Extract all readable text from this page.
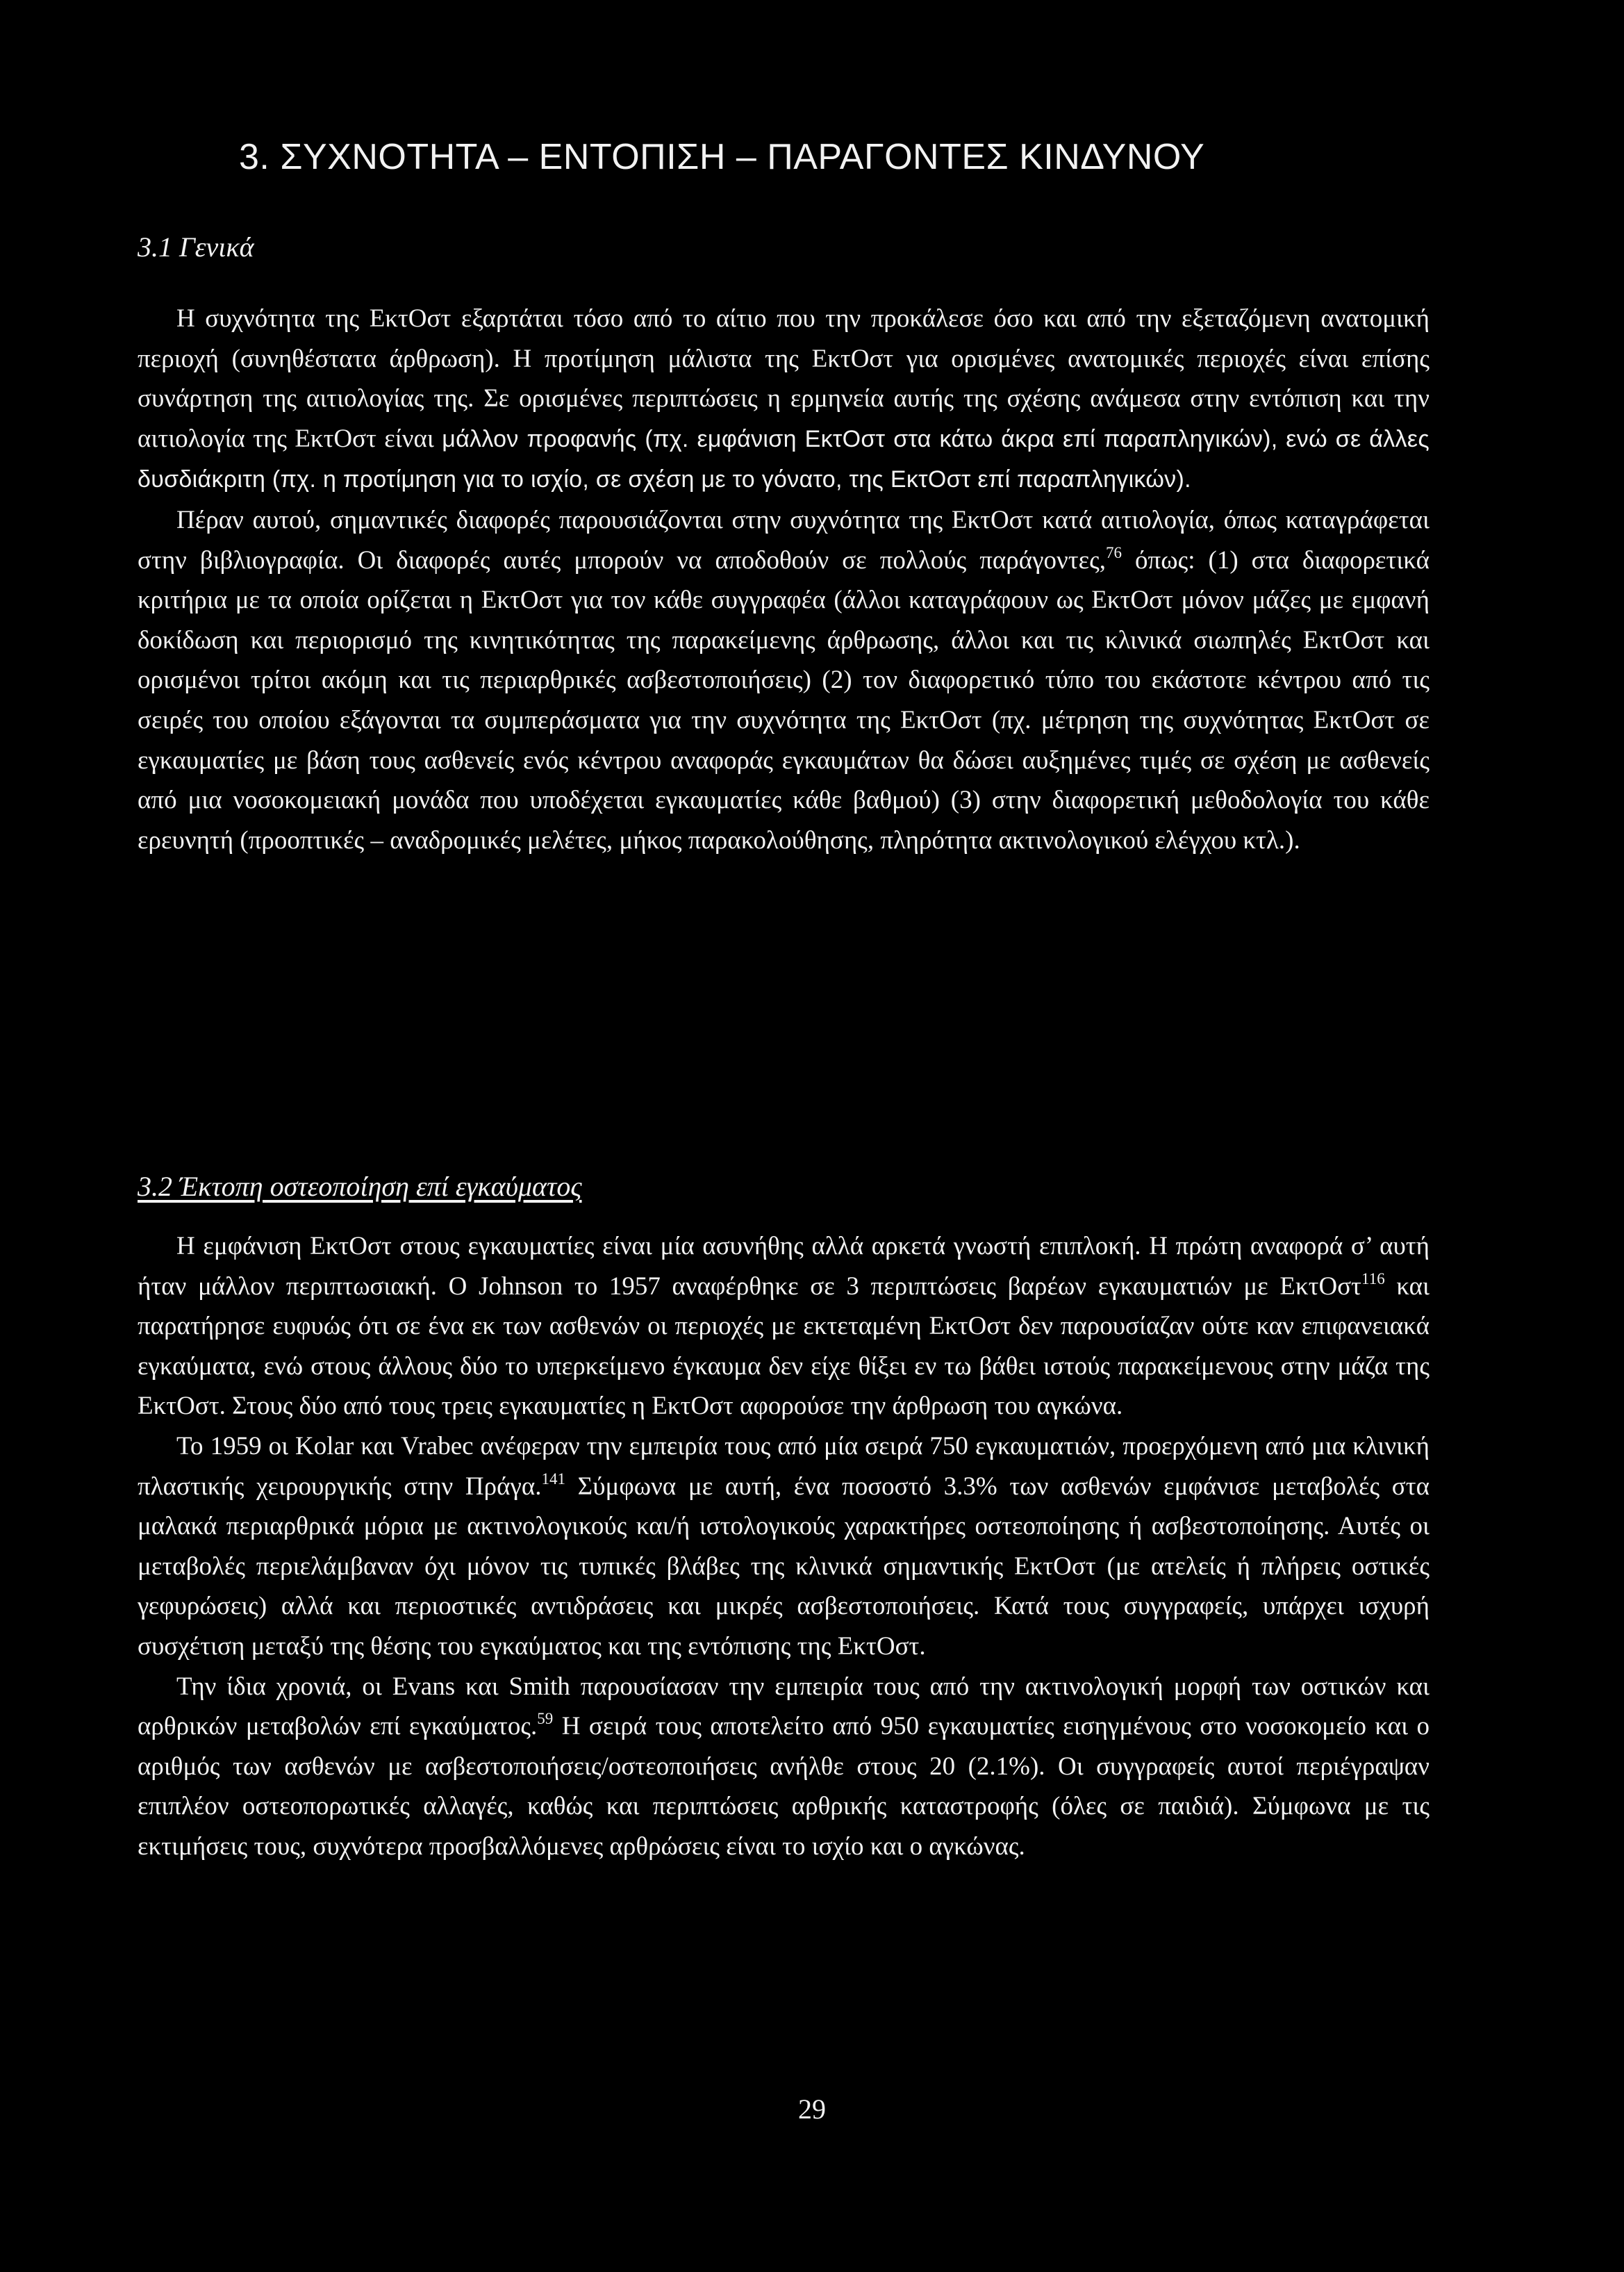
3. ΣΥΧΝΟΤΗΤΑ – ΕΝΤΟΠΙΣΗ – ΠΑΡΑΓΟΝΤΕΣ ΚΙΝΔΥΝΟΥ
3.1 Γενικά

Η συχνότητα της ΕκτΟστ εξαρτάται τόσο από το αίτιο που την προκάλεσε όσο και από την εξεταζόμενη ανατομική περιοχή (συνηθέστατα άρθρωση). Η προτίμηση μάλιστα της ΕκτΟστ για ορισμένες ανατομικές περιοχές είναι επίσης συνάρτηση της αιτιολογίας της. Σε ορισμένες περιπτώσεις η ερμηνεία αυτής της σχέσης ανάμεσα στην εντόπιση και την αιτιολογία της ΕκτΟστ είναι μάλλον προφανής (πχ. εμφάνιση ΕκτΟστ στα κάτω άκρα επί παραπληγικών), ενώ σε άλλες δυσδιάκριτη (πχ. η προτίμηση για το ισχίο, σε σχέση με το γόνατο, της ΕκτΟστ επί παραπληγικών).

Πέραν αυτού, σημαντικές διαφορές παρουσιάζονται στην συχνότητα της ΕκτΟστ κατά αιτιολογία, όπως καταγράφεται στην βιβλιογραφία. Οι διαφορές αυτές μπορούν να αποδοθούν σε πολλούς παράγοντες,$^{76}$ όπως: (1) στα διαφορετικά κριτήρια με τα οποία ορίζεται η ΕκτΟστ για τον κάθε συγγραφέα (άλλοι καταγράφουν ως ΕκτΟστ μόνον μάζες με εμφανή δοκίδωση και περιορισμό της κινητικότητας της παρακείμενης άρθρωσης, άλλοι και τις κλινικά σιωπηλές ΕκτΟστ και ορισμένοι τρίτοι ακόμη και τις περιαρθρικές ασβεστοποιήσεις) (2) τον διαφορετικό τύπο του εκάστοτε κέντρου από τις σειρές του οποίου εξάγονται τα συμπεράσματα για την συχνότητα της ΕκτΟστ (πχ. μέτρηση της συχνότητας ΕκτΟστ σε εγκαυματίες με βάση τους ασθενείς ενός κέντρου αναφοράς εγκαυμάτων θα δώσει αυξημένες τιμές σε σχέση με ασθενείς από μια νοσοκομειακή μονάδα που υποδέχεται εγκαυματίες κάθε βαθμού) (3) στην διαφορετική μεθοδολογία του κάθε ερευνητή (προοπτικές – αναδρομικές μελέτες, μήκος παρακολούθησης, πληρότητα ακτινολογικού ελέγχου κτλ.).

3.2 Έκτοπη οστεοποίηση επί εγκαύματος

Η εμφάνιση ΕκτΟστ στους εγκαυματίες είναι μία ασυνήθης αλλά αρκετά γνωστή επιπλοκή. Η πρώτη αναφορά σ’ αυτή ήταν μάλλον περιπτωσιακή. Ο Johnson το 1957 αναφέρθηκε σε 3 περιπτώσεις βαρέων εγκαυματιών με ΕκτΟστ$^{116}$ και παρατήρησε ευφυώς ότι σε ένα εκ των ασθενών οι περιοχές με εκτεταμένη ΕκτΟστ δεν παρουσίαζαν ούτε καν επιφανειακά εγκαύματα, ενώ στους άλλους δύο το υπερκείμενο έγκαυμα δεν είχε θίξει εν τω βάθει ιστούς παρακείμενους στην μάζα της ΕκτΟστ. Στους δύο από τους τρεις εγκαυματίες η ΕκτΟστ αφορούσε την άρθρωση του αγκώνα.

Το 1959 οι Kolar και Vrabec ανέφεραν την εμπειρία τους από μία σειρά 750 εγκαυματιών, προερχόμενη από μια κλινική πλαστικής χειρουργικής στην Πράγα.$^{141}$ Σύμφωνα με αυτή, ένα ποσοστό 3.3% των ασθενών εμφάνισε μεταβολές στα μαλακά περιαρθρικά μόρια με ακτινολογικούς και/ή ιστολογικούς χαρακτήρες οστεοποίησης ή ασβεστοποίησης. Αυτές οι μεταβολές περιελάμβαναν όχι μόνον τις τυπικές βλάβες της κλινικά σημαντικής ΕκτΟστ (με ατελείς ή πλήρεις οστικές γεφυρώσεις) αλλά και περιοστικές αντιδράσεις και μικρές ασβεστοποιήσεις. Κατά τους συγγραφείς, υπάρχει ισχυρή συσχέτιση μεταξύ της θέσης του εγκαύματος και της εντόπισης της ΕκτΟστ.

Την ίδια χρονιά, οι Evans και Smith παρουσίασαν την εμπειρία τους από την ακτινολογική μορφή των οστικών και αρθρικών μεταβολών επί εγκαύματος.$^{59}$ Η σειρά τους αποτελείτο από 950 εγκαυματίες εισηγμένους στο νοσοκομείο και ο αριθμός των ασθενών με ασβεστοποιήσεις/οστεοποιήσεις ανήλθε στους 20 (2.1%). Οι συγγραφείς αυτοί περιέγραψαν επιπλέον οστεοπορωτικές αλλαγές, καθώς και περιπτώσεις αρθρικής καταστροφής (όλες σε παιδιά). Σύμφωνα με τις εκτιμήσεις τους, συχνότερα προσβαλλόμενες αρθρώσεις είναι το ισχίο και ο αγκώνας.

29
